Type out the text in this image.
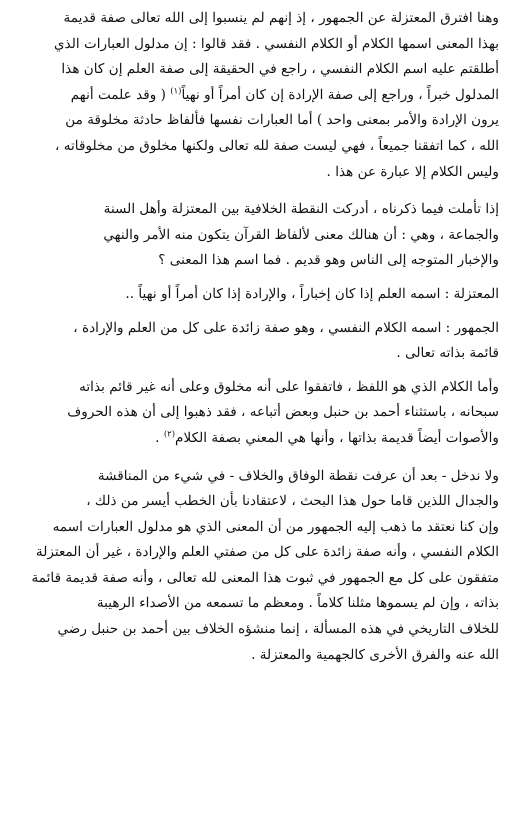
وهنا افترق المعتزلة عن الجمهور ، إذ إنهم لم ينسبوا إلى الله تعالى صفة قديمة
بهذا المعنى اسمها الكلام أو الكلام النفسي . فقد قالوا : إن مدلول العبارات الذي
أطلقتم عليه اسم الكلام النفسي ، راجع في الحقيقة إلى صفة العلم إن كان هذا
المدلول خبراً ، وراجع إلى صفة الإرادة إن كان أمراً أو نهياً$^{(١)}$ ( وقد علمت أنهم
يرون الإرادة والأمر بمعنى واحد ) أما العبارات نفسها فألفاظ حادثة مخلوقة من
الله ، كما اتفقنا جميعاً ، فهي ليست صفة لله تعالى ولكنها مخلوق من مخلوقاته ،
وليس الكلام إلا عبارة عن هذا .

إذا تأملت فيما ذكرناه ، أدركت النقطة الخلافية بين المعتزلة وأهل السنة
والجماعة ، وهي : أن هنالك معنى لألفاظ القرآن يتكون منه الأمر والنهي
والإخبار المتوجه إلى الناس وهو قديم . فما اسم هذا المعنى ؟

المعتزلة : اسمه العلم إذا كان إخباراً ، والإرادة إذا كان أمراً أو نهياً ..

الجمهور : اسمه الكلام النفسي ، وهو صفة زائدة على كل من العلم والإرادة ،
قائمة بذاته تعالى .

وأما الكلام الذي هو اللفظ ، فاتفقوا على أنه مخلوق وعلى أنه غير قائم بذاته
سبحانه ، باستثناء أحمد بن حنبل وبعض أتباعه ، فقد ذهبوا إلى أن هذه الحروف
والأصوات أيضاً قديمة بذاتها ، وأنها هي المعني بصفة الكلام$^{(٢)}$ .

ولا ندخل - بعد أن عرفت نقطة الوفاق والخلاف - في شيء من المناقشة
والجدال اللذين قاما حول هذا البحث ، لاعتقادنا بأن الخطب أيسر من ذلك ،
وإن كنا نعتقد ما ذهب إليه الجمهور من أن المعنى الذي هو مدلول العبارات اسمه
الكلام النفسي ، وأنه صفة زائدة على كل من صفتي العلم والإرادة ، غير أن المعتزلة
متفقون على كل مع الجمهور في ثبوت هذا المعنى لله تعالى ، وأنه صفة قديمة قائمة
بذاته ، وإن لم يسموها مثلنا كلاماً . ومعظم ما تسمعه من الأصداء الرهيبة
للخلاف التاريخي في هذه المسألة ، إنما منشؤه الخلاف بين أحمد بن حنبل رضي
الله عنه والفرق الأخرى كالجهمية والمعتزلة .
